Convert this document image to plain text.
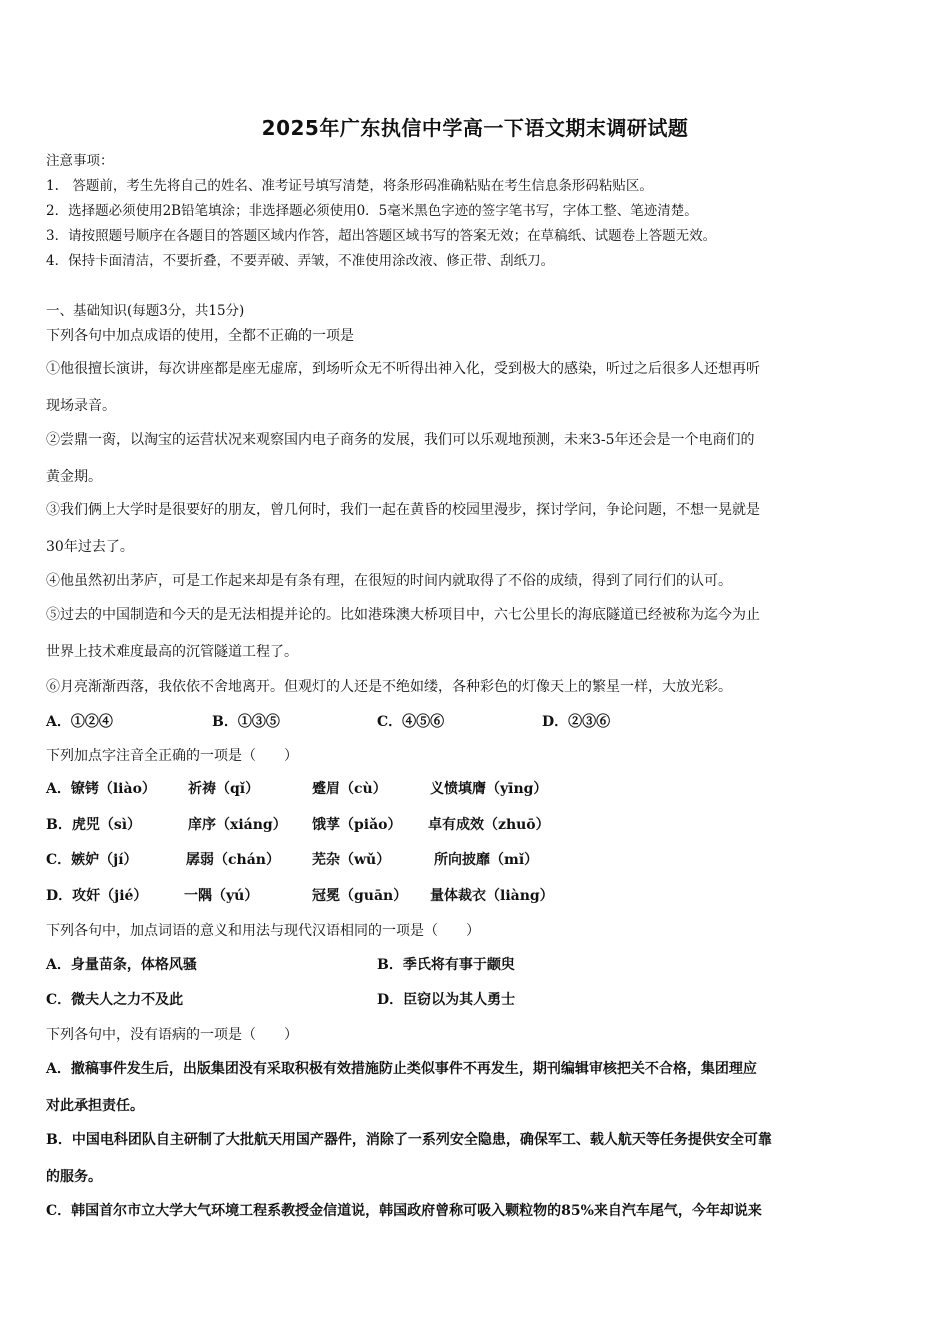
2025年广东执信中学高一下语文期末调研试题
注意事项：
1.　答题前，考生先将自己的姓名、准考证号填写清楚，将条形码准确粘贴在考生信息条形码粘贴区。
2．选择题必须使用2B铅笔填涂；非选择题必须使用0．5毫米黑色字迹的签字笔书写，字体工整、笔迹清楚。
3．请按照题号顺序在各题目的答题区域内作答，超出答题区域书写的答案无效；在草稿纸、试题卷上答题无效。
4．保持卡面清洁，不要折叠，不要弄破、弄皱，不准使用涂改液、修正带、刮纸刀。
一、基础知识(每题3分，共15分)
下列各句中加点成语的使用，全都不正确的一项是
①他很擅长演讲，每次讲座都是座无虚席，到场听众无不听得出神入化，受到极大的感染，听过之后很多人还想再听
现场录音。
②尝鼎一脔，以淘宝的运营状况来观察国内电子商务的发展，我们可以乐观地预测，未来3-5年还会是一个电商们的
黄金期。
③我们俩上大学时是很要好的朋友，曾几何时，我们一起在黄昏的校园里漫步，探讨学问，争论问题，不想一晃就是
30年过去了。
④他虽然初出茅庐，可是工作起来却是有条有理，在很短的时间内就取得了不俗的成绩，得到了同行们的认可。
⑤过去的中国制造和今天的是无法相提并论的。比如港珠澳大桥项目中，六七公里长的海底隧道已经被称为迄今为止
世界上技术难度最高的沉管隧道工程了。
⑥月亮渐渐西落，我依依不舍地离开。但观灯的人还是不绝如缕，各种彩色的灯像天上的繁星一样，大放光彩。
A．①②④	B．①③⑤	C．④⑤⑥	D．②③⑥
下列加点字注音全正确的一项是（　　）
A．镣铐（liào） 祈祷（qǐ）	蹙眉（cù）	义愤填膺（yīng）
B．虎兕（sì）	庠序（xiáng） 饿莩（piǎo） 卓有成效（zhuō）
C．嫉妒（jí）	孱弱（chán） 芜杂（wǔ）	所向披靡（mǐ）
D．攻奸（jié）	一隅（yú）	冠冕（guān） 量体裁衣（liàng）
下列各句中，加点词语的意义和用法与现代汉语相同的一项是（　　）
A．身量苗条，体格风骚	B．季氏将有事于颛臾
C．微夫人之力不及此	D．臣窃以为其人勇士
下列各句中，没有语病的一项是（　　）
A．撤稿事件发生后，出版集团没有采取积极有效措施防止类似事件不再发生，期刊编辑审核把关不合格，集团理应
对此承担责任。
B．中国电科团队自主研制了大批航天用国产器件，消除了一系列安全隐患，确保军工、载人航天等任务提供安全可靠
的服务。
C．韩国首尔市立大学大气环境工程系教授金信道说，韩国政府曾称可吸入颗粒物的85%来自汽车尾气，今年却说来
